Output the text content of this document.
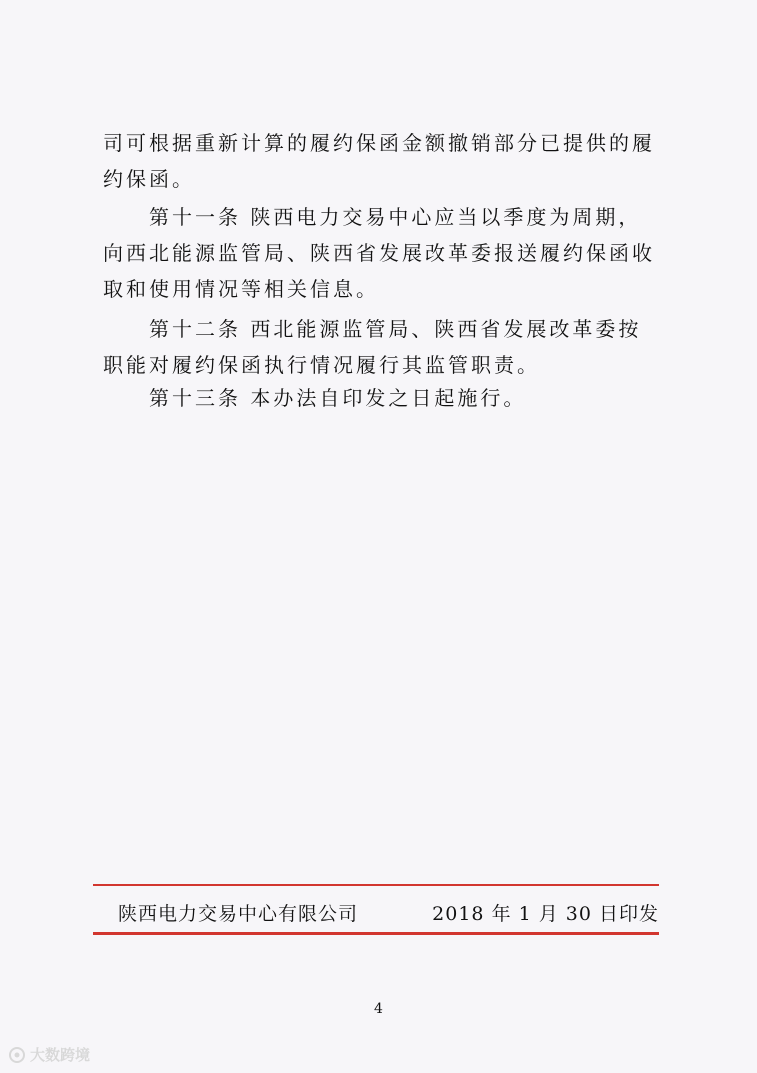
司可根据重新计算的履约保函金额撤销部分已提供的履约保函。

第十一条 陕西电力交易中心应当以季度为周期，向西北能源监管局、陕西省发展改革委报送履约保函收取和使用情况等相关信息。

第十二条 西北能源监管局、陕西省发展改革委按职能对履约保函执行情况履行其监管职责。

第十三条 本办法自印发之日起施行。

陕西电力交易中心有限公司	2018 年 1 月 30 日印发
4
大数跨境
